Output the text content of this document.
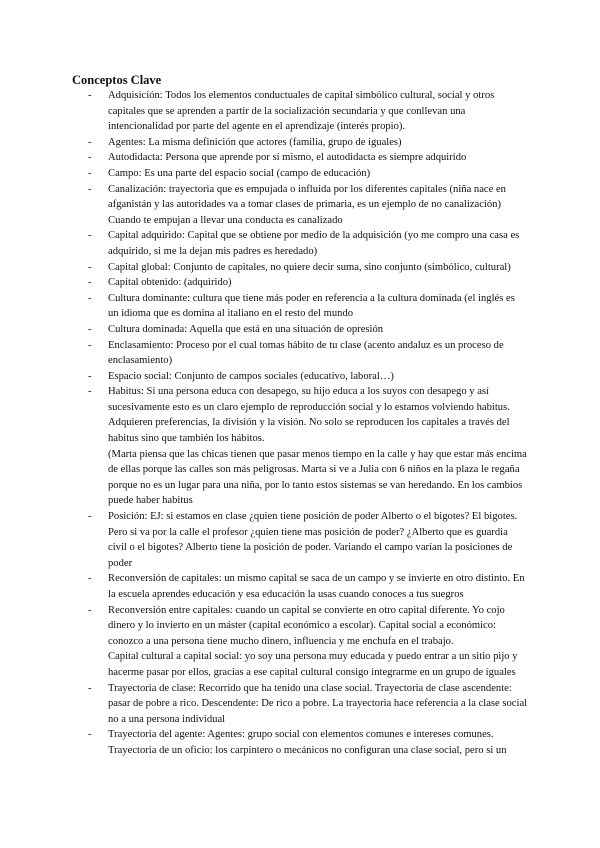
Conceptos Clave
- Adquisición: Todos los elementos conductuales de capital simbólico cultural, social y otros capitales que se aprenden a partir de la socialización secundaria y que conllevan una intencionalidad por parte del agente en el aprendizaje (interés propio).
- Agentes: La misma definición que actores (familia, grupo de iguales)
- Autodidacta: Persona que aprende por sí mismo, el autodidacta es siempre adquirido
- Campo: Es una parte del espacio social (campo de educación)
- Canalización: trayectoria que es empujada o influida por los diferentes capitales (niña nace en afganistán y las autoridades va a tomar clases de primaria, es un ejemplo de no canalización) Cuando te empujan a llevar una conducta es canalizado
- Capital adquirido: Capital que se obtiene por medio de la adquisición (yo me compro una casa es adquirido, si me la dejan mis padres es heredado)
- Capital global: Conjunto de capitales, no quiere decir suma, sino conjunto (simbólico, cultural)
- Capital obtenido: (adquirido)
- Cultura dominante: cultura que tiene más poder en referencia a la cultura dominada (el inglés es un idioma que es domina al italiano en el resto del mundo
- Cultura dominada: Aquella que está en una situación de opresión
- Enclasamiento: Proceso por el cual tomas hábito de tu clase (acento andaluz es un proceso de enclasamiento)
- Espacio social: Conjunto de campos sociales (educativo, laboral…)
- Habitus: Si una persona educa con desapego, su hijo educa a los suyos con desapego y así sucesivamente esto es un claro ejemplo de reproducción social y lo estamos volviendo habitus. Adquieren preferencias, la división y la visión. No solo se reproducen los capitales a través del habitus sino que también los hábitos.
(Marta piensa que las chicas tienen que pasar menos tiempo en la calle y hay que estar más encima de ellas porque las calles son más peligrosas. Marta si ve a Julia con 6 niños en la plaza le regaña porque no es un lugar para una niña, por lo tanto estos sistemas se van heredando. En los cambios puede haber habitus
- Posición: EJ: si estamos en clase ¿quien tiene posición de poder Alberto o el bigotes? El bigotes. Pero si va por la calle el profesor ¿quien tiene mas posición de poder? ¿Alberto que es guardia civil o el bigotes? Alberto tiene la posición de poder. Variando el campo varían la posiciones de poder
- Reconversión de capitales: un mismo capital se saca de un campo y se invierte en otro distinto. En la escuela aprendes educación y esa educación la usas cuando conoces a tus suegros
- Reconversión entre capitales: cuando un capital se convierte en otro capital diferente. Yo cojo dinero y lo invierto en un máster (capital económico a escolar). Capital social a económico: conozco a una persona tiene mucho dinero, influencia y me enchufa en el trabajo.
Capital cultural a capital social: yo soy una persona muy educada y puedo entrar a un sitio pijo y hacerme pasar por ellos, gracias a ese capital cultural consigo integrarme en un grupo de iguales
- Trayectoria de clase: Recorrido que ha tenido una clase social. Trayectoria de clase ascendente: pasar de pobre a rico. Descendente: De rico a pobre. La trayectoria hace referencia a la clase social no a una persona individual
- Trayectoria del agente: Agentes: grupo social con elementos comunes e intereses comunes. Trayectoria de un oficio: los carpintero o mecánicos no configuran una clase social, pero si un
